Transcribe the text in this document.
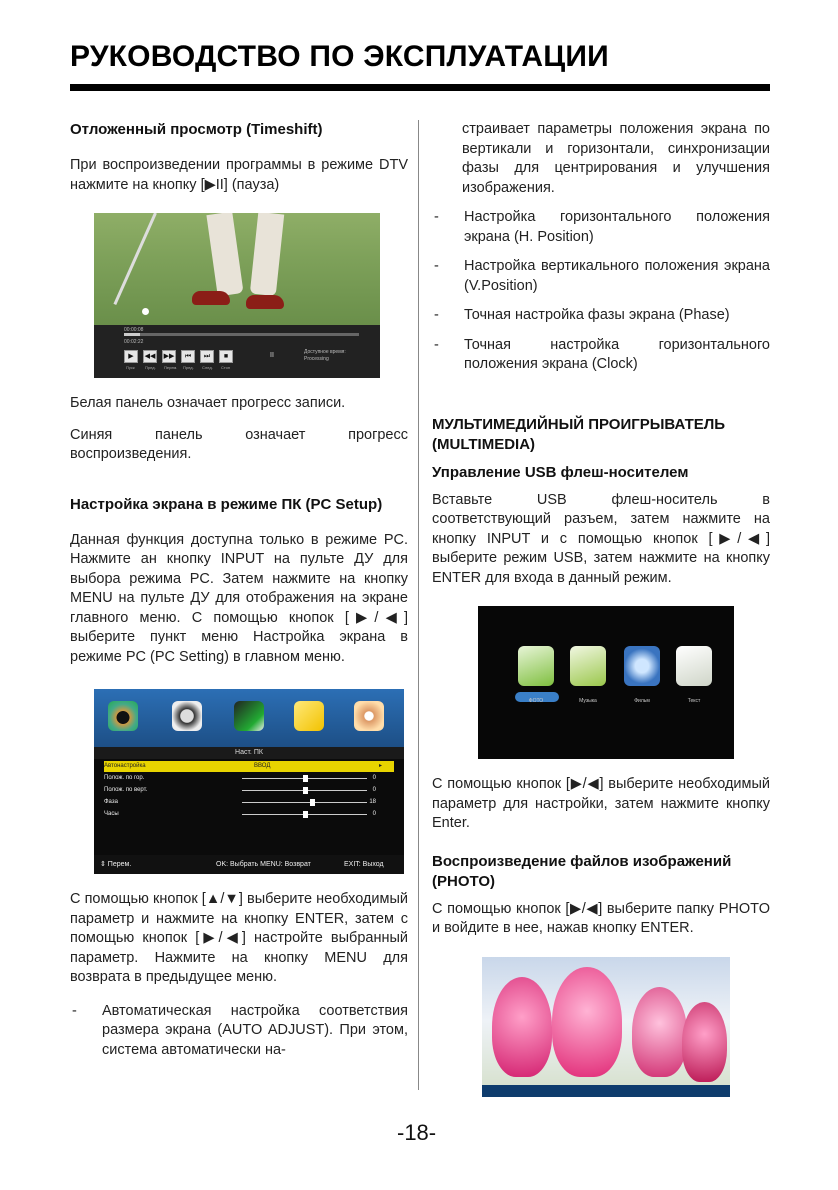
РУКОВОДСТВО ПО ЭКСПЛУАТАЦИИ
Отложенный просмотр (Timeshift)

При воспроизведении программы в режиме DTV нажмите на кнопку [▶II] (пауза)

00:00:08
00:02:22
▶
Пуск
◀◀
Пред.
▶▶
Перем.
⏮
Пред.
⏭
След.
■
Стоп
II	Доступное время:
Processing

Белая панель означает прогресс записи.

Синяя панель означает прогресс воспроизведения.

Настройка экрана в режиме ПК (PC Setup)

Данная функция доступна только в режиме PC. Нажмите ан кнопку INPUT на пульте ДУ для выбора режима PC. Затем нажмите на кнопку MENU на пульте ДУ для отображения на экране главного меню. С помощью кнопок [▶/◀] выберите пункт меню Настройка экрана в режиме PC (PC Setting) в главном меню.

Наст. ПК
Автонастройка	ВВОД	▸
Полож. по гор.	0
Полож. по верт.	0
Фаза	18
Часы	0
⇕ Перем.	OK: Выбрать MENU: Возврат	EXIT: Выход

С помощью кнопок [▲/▼] выберите необходимый параметр и нажмите на кнопку ENTER, затем с помощью кнопок [▶/◀] настройте выбранный параметр. Нажмите на кнопку MENU для возврата в предыдущее меню.

- Автоматическая настройка соответствия размера экрана (AUTO ADJUST). При этом, система автоматически на-

страивает параметры положения экрана по вертикали и горизонтали, синхронизации фазы для центрирования и улучшения изображения.

- Настройка горизонтального положения экрана (H. Position)

- Настройка вертикального положения экрана (V.Position)

- Точная настройка фазы экрана (Phase)

- Точная настройка горизонтального положения экрана (Clock)

МУЛЬТИМЕДИЙНЫЙ ПРОИГРЫВАТЕЛЬ (MULTIMEDIA)
Управление USB флеш-носителем

Вставьте USB флеш-носитель в соответствующий разъем, затем нажмите на кнопку INPUT и с помощью кнопок [▶/◀] выберите режим USB, затем нажмите на кнопку ENTER для входа в данный режим.

ФОТО	Музыка	Фильм	Текст

С помощью кнопок [▶/◀] выберите необходимый параметр для настройки, затем нажмите кнопку Enter.

Воспроизведение файлов изображений (PHOTO)

С помощью кнопок [▶/◀] выберите папку PHOTO и войдите в нее, нажав кнопку ENTER.

-18-
